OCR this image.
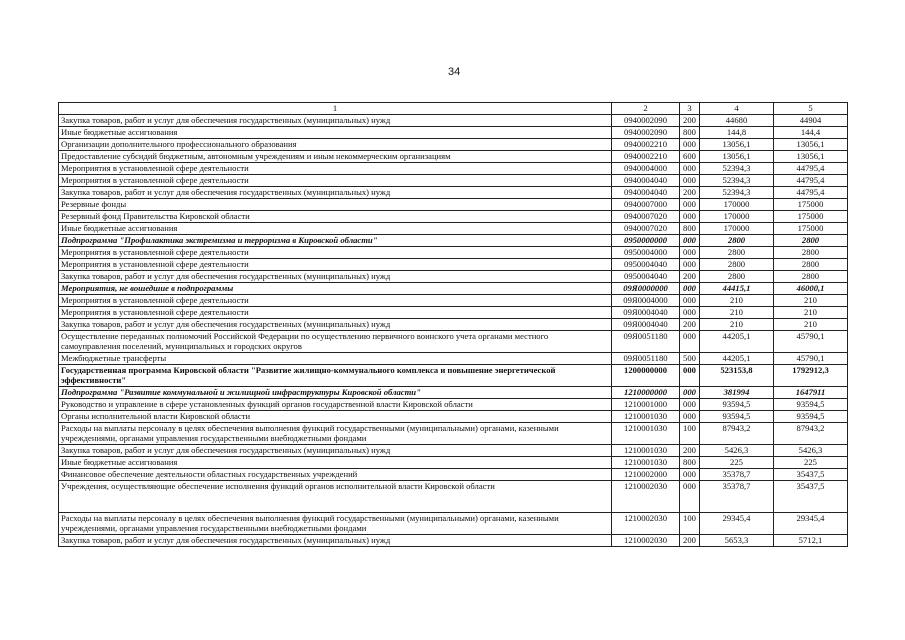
34
1	2	3	4	5
Закупка товаров, работ и услуг для обеспечения государственных (муниципальных) нужд	0940002090	200	44680	44904
Иные бюджетные ассигнования	0940002090	800	144,8	144,4
Организации дополнительного профессионального образования	0940002210	000	13056,1	13056,1
Предоставление субсидий бюджетным, автономным учреждениям и иным некоммерческим организациям	0940002210	600	13056,1	13056,1
Мероприятия в установленной сфере деятельности	0940004000	000	52394,3	44795,4
Мероприятия в установленной сфере деятельности	0940004040	000	52394,3	44795,4
Закупка товаров, работ и услуг для обеспечения государственных (муниципальных) нужд	0940004040	200	52394,3	44795,4
Резервные фонды	0940007000	000	170000	175000
Резервный фонд Правительства Кировской области	0940007020	000	170000	175000
Иные бюджетные ассигнования	0940007020	800	170000	175000
Подпрограмма "Профилактика экстремизма и терроризма в Кировской области"	0950000000	000	2800	2800
Мероприятия в установленной сфере деятельности	0950004000	000	2800	2800
Мероприятия в установленной сфере деятельности	0950004040	000	2800	2800
Закупка товаров, работ и услуг для обеспечения государственных (муниципальных) нужд	0950004040	200	2800	2800
Мероприятия, не вошедшие в подпрограммы	09Я0000000	000	44415,1	46000,1
Мероприятия в установленной сфере деятельности	09Я0004000	000	210	210
Мероприятия в установленной сфере деятельности	09Я0004040	000	210	210
Закупка товаров, работ и услуг для обеспечения государственных (муниципальных) нужд	09Я0004040	200	210	210
Осуществление переданных полномочий Российской Федерации по осуществлению первичного воинского учета органами местного самоуправления поселений, муниципальных и городских округов	09Я0051180	000	44205,1	45790,1
Межбюджетные трансферты	09Я0051180	500	44205,1	45790,1
Государственная программа Кировской области "Развитие жилищно-коммунального комплекса и повышение энергетической эффективности"	1200000000	000	523153,8	1792912,3
Подпрограмма "Развитие коммунальной и жилищной инфраструктуры Кировской области"	1210000000	000	381994	1647911
Руководство и управление в сфере установленных функций органов государственной власти Кировской области	1210001000	000	93594,5	93594,5
Органы исполнительной власти Кировской области	1210001030	000	93594,5	93594,5
Расходы на выплаты персоналу в целях обеспечения выполнения функций государственными (муниципальными) органами, казенными учреждениями, органами управления государственными внебюджетными фондами	1210001030	100	87943,2	87943,2
Закупка товаров, работ и услуг для обеспечения государственных (муниципальных) нужд	1210001030	200	5426,3	5426,3
Иные бюджетные ассигнования	1210001030	800	225	225
Финансовое обеспечение деятельности областных государственных учреждений	1210002000	000	35378,7	35437,5
Учреждения, осуществляющие обеспечение исполнения функций органов исполнительной власти Кировской области	1210002030	000	35378,7	35437,5
Расходы на выплаты персоналу в целях обеспечения выполнения функций государственными (муниципальными) органами, казенными учреждениями, органами управления государственными внебюджетными фондами	1210002030	100	29345,4	29345,4
Закупка товаров, работ и услуг для обеспечения государственных (муниципальных) нужд	1210002030	200	5653,3	5712,1
